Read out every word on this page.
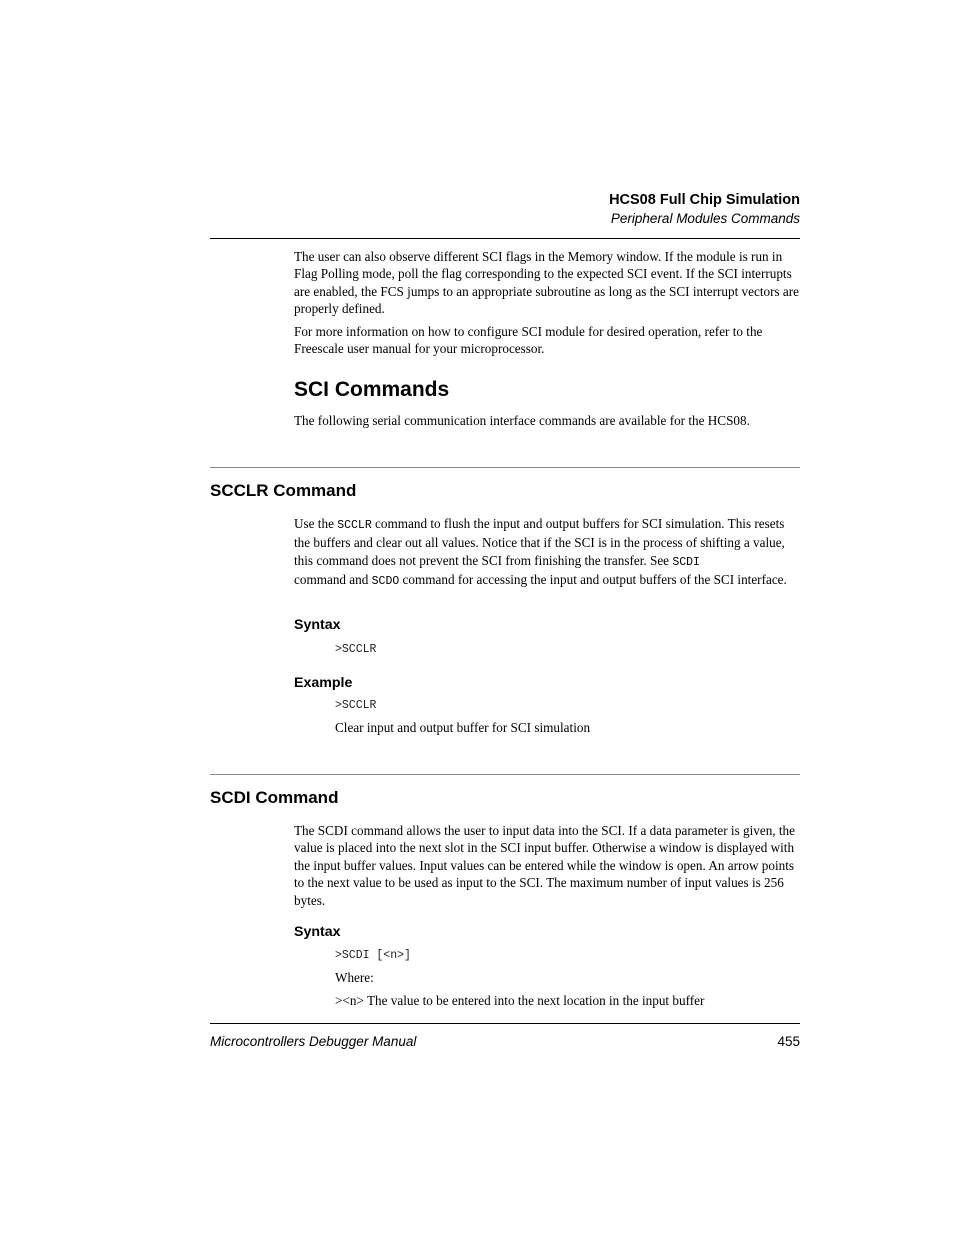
HCS08 Full Chip Simulation
Peripheral Modules Commands

The user can also observe different SCI flags in the Memory window. If the module is run in Flag Polling mode, poll the flag corresponding to the expected SCI event. If the SCI interrupts are enabled, the FCS jumps to an appropriate subroutine as long as the SCI interrupt vectors are properly defined.

For more information on how to configure SCI module for desired operation, refer to the Freescale user manual for your microprocessor.

SCI Commands
The following serial communication interface commands are available for the HCS08.
SCCLR Command

Use the SCCLR command to flush the input and output buffers for SCI simulation. This resets the buffers and clear out all values. Notice that if the SCI is in the process of shifting a value, this command does not prevent the SCI from finishing the transfer. See SCDI
command and SCDO command for accessing the input and output buffers of the SCI interface.

Syntax
>SCCLR
Example
>SCCLR
Clear input and output buffer for SCI simulation
SCDI Command

The SCDI command allows the user to input data into the SCI. If a data parameter is given, the value is placed into the next slot in the SCI input buffer. Otherwise a window is displayed with the input buffer values. Input values can be entered while the window is open. An arrow points to the next value to be used as input to the SCI. The maximum number of input values is 256 bytes.

Syntax
>SCDI [<n>]
Where:
><n> The value to be entered into the next location in the input buffer
Microcontrollers Debugger Manual	455
